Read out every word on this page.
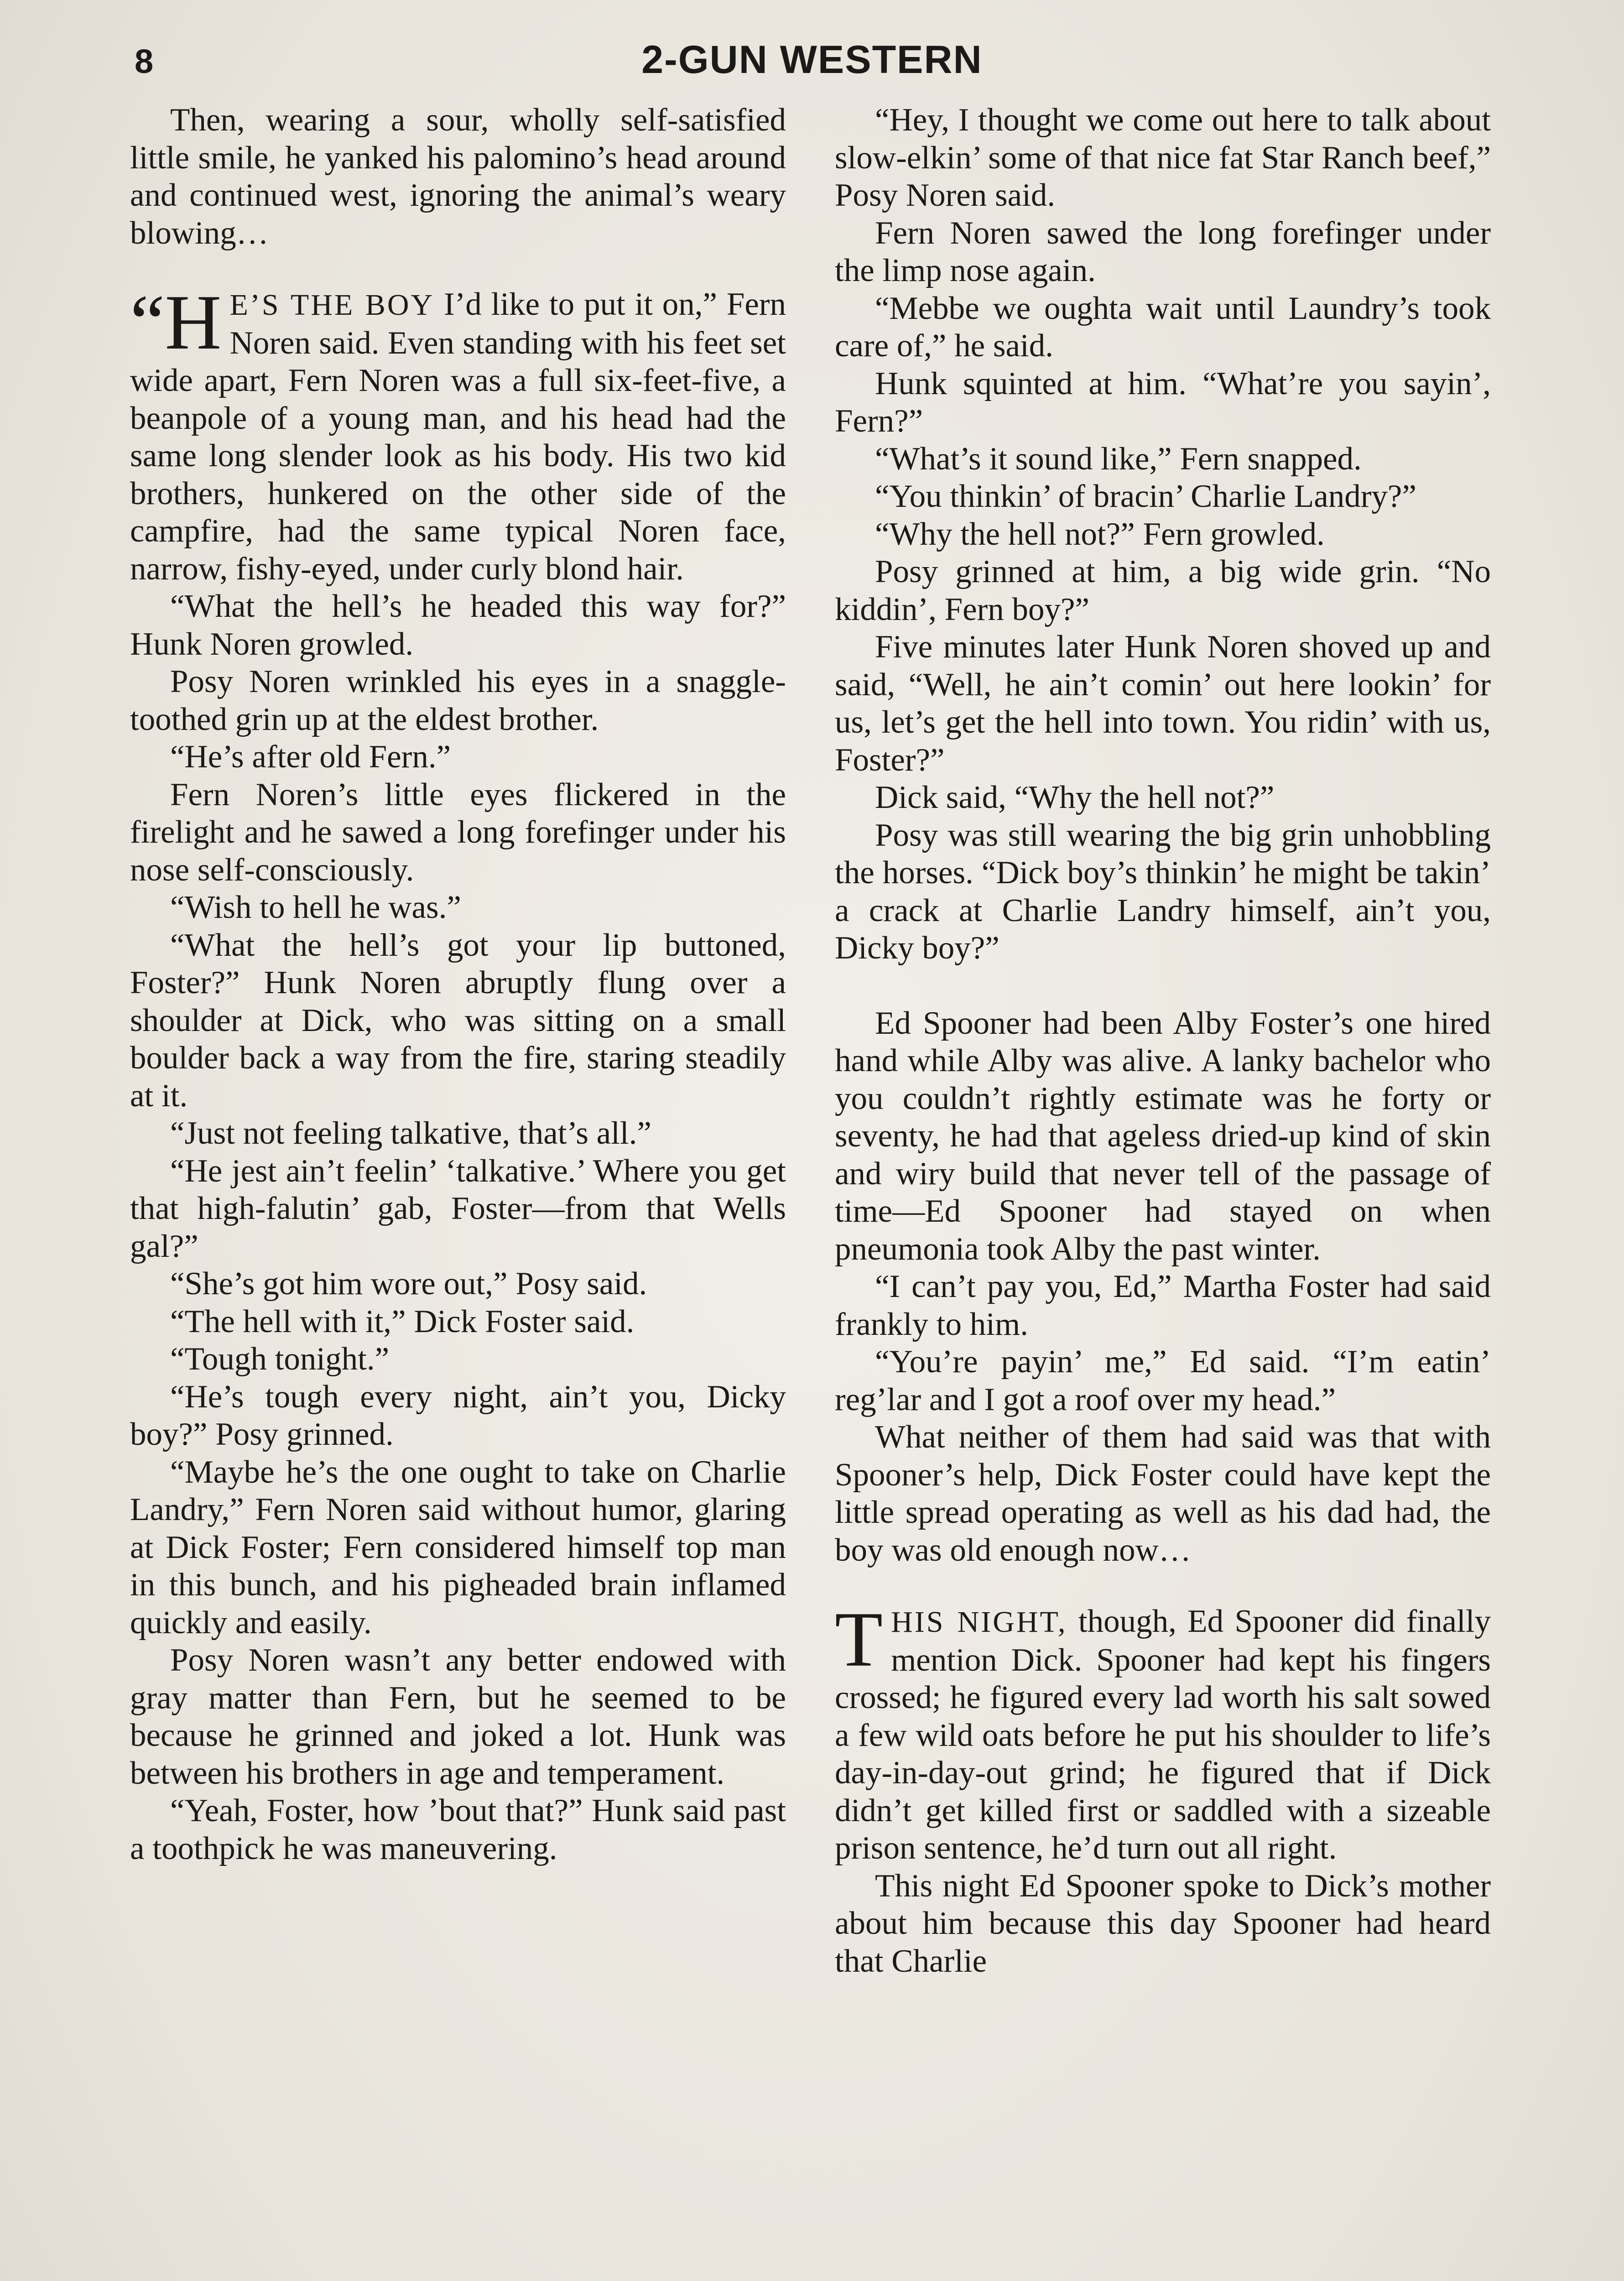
8	2-GUN WESTERN

Then, wearing a sour, wholly self-satisfied little smile, he yanked his palomino’s head around and continued west, ignoring the animal’s weary blowing…

“H E’S THE BOY I’d like to put it on,” Fern Noren said. Even standing with his feet set wide apart, Fern Noren was a full six-feet-five, a beanpole of a young man, and his head had the same long slender look as his body. His two kid brothers, hunkered on the other side of the campfire, had the same typical Noren face, narrow, fishy-eyed, under curly blond hair.

“What the hell’s he headed this way for?” Hunk Noren growled.

Posy Noren wrinkled his eyes in a snaggle-toothed grin up at the eldest brother.

“He’s after old Fern.”

Fern Noren’s little eyes flickered in the firelight and he sawed a long forefinger under his nose self-consciously.

“Wish to hell he was.”

“What the hell’s got your lip buttoned, Foster?” Hunk Noren abruptly flung over a shoulder at Dick, who was sitting on a small boulder back a way from the fire, staring steadily at it.

“Just not feeling talkative, that’s all.”

“He jest ain’t feelin’ ‘talkative.’ Where you get that high-falutin’ gab, Foster—from that Wells gal?”

“She’s got him wore out,” Posy said.

“The hell with it,” Dick Foster said.

“Tough tonight.”

“He’s tough every night, ain’t you, Dicky boy?” Posy grinned.

“Maybe he’s the one ought to take on Charlie Landry,” Fern Noren said without humor, glaring at Dick Foster; Fern considered himself top man in this bunch, and his pigheaded brain inflamed quickly and easily.

Posy Noren wasn’t any better endowed with gray matter than Fern, but he seemed to be because he grinned and joked a lot. Hunk was between his brothers in age and temperament.

“Yeah, Foster, how ’bout that?” Hunk said past a toothpick he was maneuvering.

“Hey, I thought we come out here to talk about slow-elkin’ some of that nice fat Star Ranch beef,” Posy Noren said.

Fern Noren sawed the long forefinger under the limp nose again.

“Mebbe we oughta wait until Laundry’s took care of,” he said.

Hunk squinted at him. “What’re you sayin’, Fern?”

“What’s it sound like,” Fern snapped.

“You thinkin’ of bracin’ Charlie Landry?”

“Why the hell not?” Fern growled.

Posy grinned at him, a big wide grin. “No kiddin’, Fern boy?”

Five minutes later Hunk Noren shoved up and said, “Well, he ain’t comin’ out here lookin’ for us, let’s get the hell into town. You ridin’ with us, Foster?”

Dick said, “Why the hell not?”

Posy was still wearing the big grin unhobbling the horses. “Dick boy’s thinkin’ he might be takin’ a crack at Charlie Landry himself, ain’t you, Dicky boy?”

Ed Spooner had been Alby Foster’s one hired hand while Alby was alive. A lanky bachelor who you couldn’t rightly estimate was he forty or seventy, he had that ageless dried-up kind of skin and wiry build that never tell of the passage of time—Ed Spooner had stayed on when pneumonia took Alby the past winter.

“I can’t pay you, Ed,” Martha Foster had said frankly to him.

“You’re payin’ me,” Ed said. “I’m eatin’ reg’lar and I got a roof over my head.”

What neither of them had said was that with Spooner’s help, Dick Foster could have kept the little spread operating as well as his dad had, the boy was old enough now…

THIS NIGHT, though, Ed Spooner did finally mention Dick. Spooner had kept his fingers crossed; he figured every lad worth his salt sowed a few wild oats before he put his shoulder to life’s day-in-day-out grind; he figured that if Dick didn’t get killed first or saddled with a sizeable prison sentence, he’d turn out all right.

This night Ed Spooner spoke to Dick’s mother about him because this day Spooner had heard that Charlie
